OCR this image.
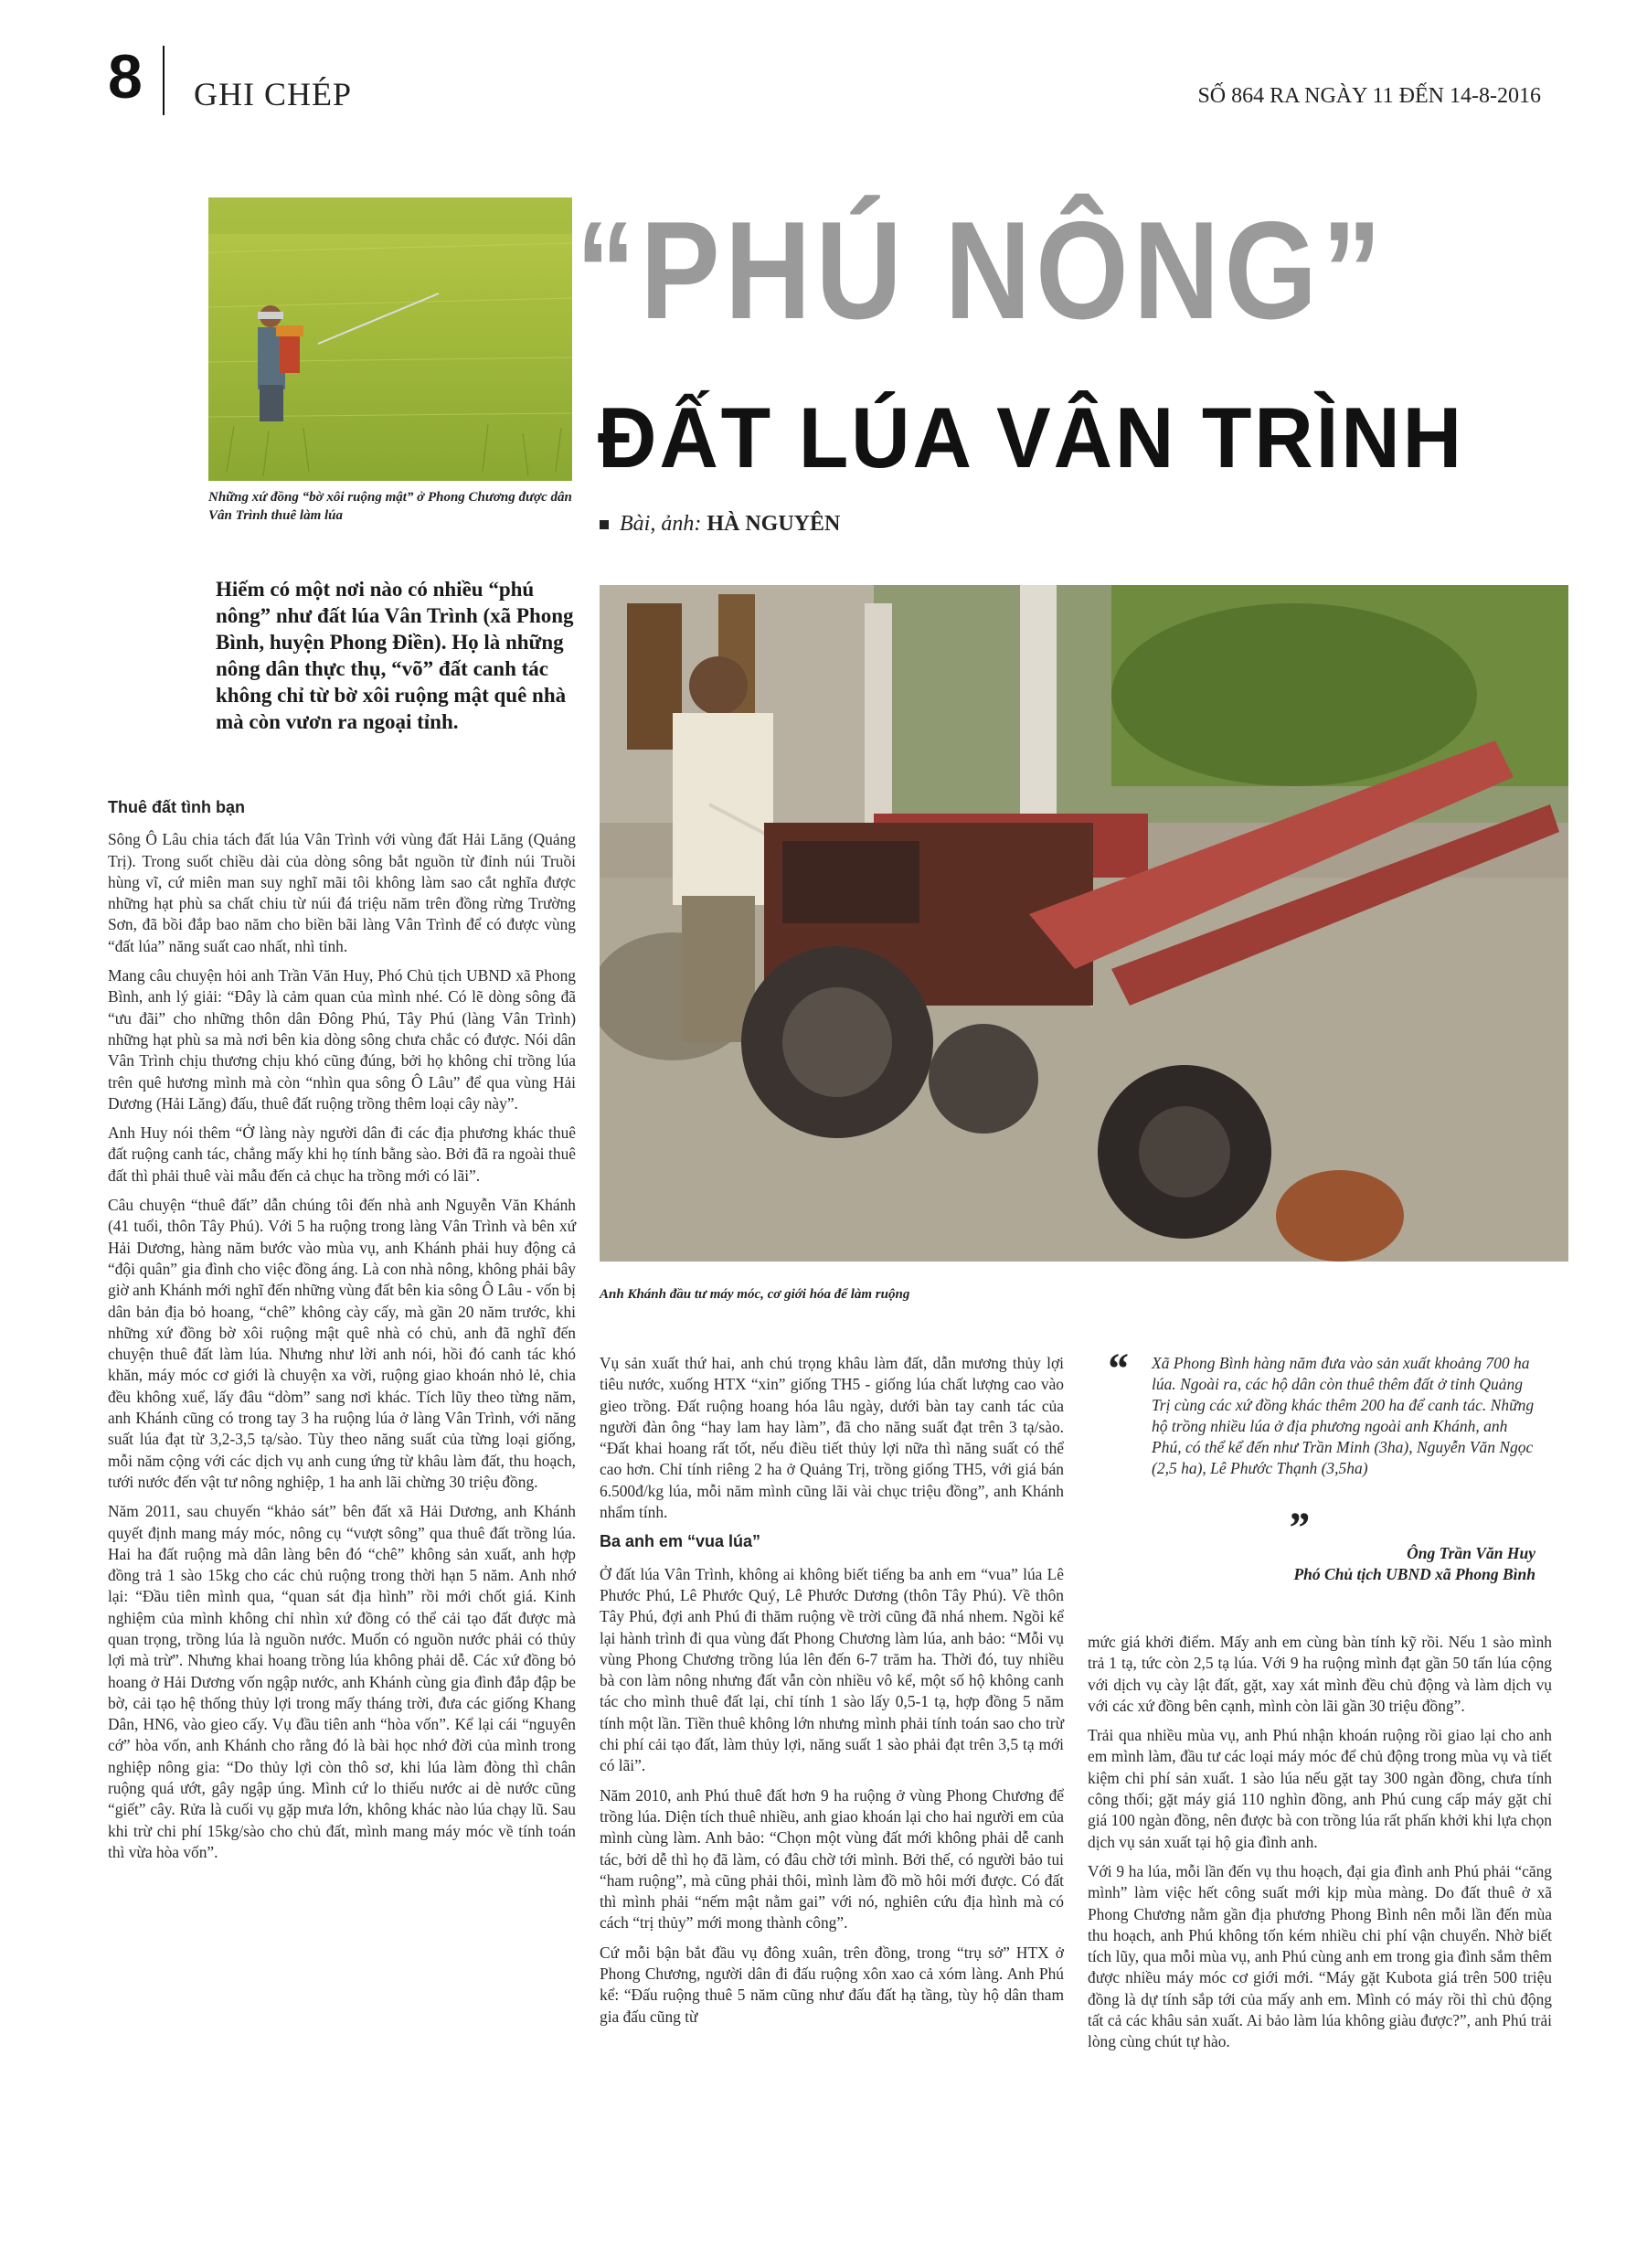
8 GHI CHÉP	SỐ 864 RA NGÀY 11 ĐẾN 14-8-2016
“PHÚ NÔNG”
ĐẤT LÚA VÂN TRÌNH
Bài, ảnh: HÀ NGUYÊN
Những xứ đồng “bờ xôi ruộng mật” ở Phong Chương được dân Vân Trình thuê làm lúa
Hiếm có một nơi nào có nhiều “phú nông” như đất lúa Vân Trình (xã Phong Bình, huyện Phong Điền). Họ là những nông dân thực thụ, “võ” đất canh tác không chỉ từ bờ xôi ruộng mật quê nhà mà còn vươn ra ngoại tỉnh.
Anh Khánh đầu tư máy móc, cơ giới hóa để làm ruộng
Thuê đất tình bạn

Sông Ô Lâu chia tách đất lúa Vân Trình với vùng đất Hải Lăng (Quảng Trị). Trong suốt chiều dài của dòng sông bắt nguồn từ đỉnh núi Truồi hùng vĩ, cứ miên man suy nghĩ mãi tôi không làm sao cắt nghĩa được những hạt phù sa chất chiu từ núi đá triệu năm trên đồng rừng Trường Sơn, đã bồi đắp bao năm cho biền bãi làng Vân Trình để có được vùng “đất lúa” năng suất cao nhất, nhì tỉnh.

Mang câu chuyện hỏi anh Trần Văn Huy, Phó Chủ tịch UBND xã Phong Bình, anh lý giải: “Đây là cảm quan của mình nhé. Có lẽ dòng sông đã “ưu đãi” cho những thôn dân Đông Phú, Tây Phú (làng Vân Trình) những hạt phù sa mà nơi bên kia dòng sông chưa chắc có được. Nói dân Vân Trình chịu thương chịu khó cũng đúng, bởi họ không chỉ trồng lúa trên quê hương mình mà còn “nhìn qua sông Ô Lâu” để qua vùng Hải Dương (Hải Lăng) đấu, thuê đất ruộng trồng thêm loại cây này”.

Anh Huy nói thêm “Ở làng này người dân đi các địa phương khác thuê đất ruộng canh tác, chẳng mấy khi họ tính bằng sào. Bởi đã ra ngoài thuê đất thì phải thuê vài mẫu đến cả chục ha trồng mới có lãi”.

Câu chuyện “thuê đất” dẫn chúng tôi đến nhà anh Nguyễn Văn Khánh (41 tuổi, thôn Tây Phú). Với 5 ha ruộng trong làng Vân Trình và bên xứ Hải Dương, hàng năm bước vào mùa vụ, anh Khánh phải huy động cả “đội quân” gia đình cho việc đồng áng. Là con nhà nông, không phải bây giờ anh Khánh mới nghĩ đến những vùng đất bên kia sông Ô Lâu - vốn bị dân bản địa bỏ hoang, “chê” không cày cấy, mà gần 20 năm trước, khi những xứ đồng bờ xôi ruộng mật quê nhà có chủ, anh đã nghĩ đến chuyện thuê đất làm lúa. Nhưng như lời anh nói, hồi đó canh tác khó khăn, máy móc cơ giới là chuyện xa vời, ruộng giao khoán nhỏ lẻ, chia đều không xuể, lấy đâu “dòm” sang nơi khác. Tích lũy theo từng năm, anh Khánh cũng có trong tay 3 ha ruộng lúa ở làng Vân Trình, với năng suất lúa đạt từ 3,2-3,5 tạ/sào. Tùy theo năng suất của từng loại giống, mỗi năm cộng với các dịch vụ anh cung ứng từ khâu làm đất, thu hoạch, tưới nước đến vật tư nông nghiệp, 1 ha anh lãi chừng 30 triệu đồng.

Năm 2011, sau chuyến “khảo sát” bên đất xã Hải Dương, anh Khánh quyết định mang máy móc, nông cụ “vượt sông” qua thuê đất trồng lúa. Hai ha đất ruộng mà dân làng bên đó “chê” không sản xuất, anh hợp đồng trả 1 sào 15kg cho các chủ ruộng trong thời hạn 5 năm. Anh nhớ lại: “Đầu tiên mình qua, “quan sát địa hình” rồi mới chốt giá. Kinh nghiệm của mình không chỉ nhìn xứ đồng có thể cải tạo đất được mà quan trọng, trồng lúa là nguồn nước. Muốn có nguồn nước phải có thủy lợi mà trừ”. Nhưng khai hoang trồng lúa không phải dễ. Các xứ đồng bỏ hoang ở Hải Dương vốn ngập nước, anh Khánh cùng gia đình đắp đập be bờ, cải tạo hệ thống thủy lợi trong mấy tháng trời, đưa các giống Khang Dân, HN6, vào gieo cấy. Vụ đầu tiên anh “hòa vốn”. Kể lại cái “nguyên cớ” hòa vốn, anh Khánh cho rằng đó là bài học nhớ đời của mình trong nghiệp nông gia: “Do thủy lợi còn thô sơ, khi lúa làm đòng thì chân ruộng quá ướt, gây ngập úng. Mình cứ lo thiếu nước ai dè nước cũng “giết” cây. Rửa là cuối vụ gặp mưa lớn, không khác nào lúa chạy lũ. Sau khi trừ chi phí 15kg/sào cho chủ đất, mình mang máy móc về tính toán thì vừa hòa vốn”.

Vụ sản xuất thứ hai, anh chú trọng khâu làm đất, dẫn mương thủy lợi tiêu nước, xuống HTX “xin” giống TH5 - giống lúa chất lượng cao vào gieo trồng. Đất ruộng hoang hóa lâu ngày, dưới bàn tay canh tác của người đàn ông “hay lam hay làm”, đã cho năng suất đạt trên 3 tạ/sào. “Đất khai hoang rất tốt, nếu điều tiết thủy lợi nữa thì năng suất có thể cao hơn. Chỉ tính riêng 2 ha ở Quảng Trị, trồng giống TH5, với giá bán 6.500đ/kg lúa, mỗi năm mình cũng lãi vài chục triệu đồng”, anh Khánh nhẩm tính.

Ba anh em “vua lúa”

Ở đất lúa Vân Trình, không ai không biết tiếng ba anh em “vua” lúa Lê Phước Phú, Lê Phước Quý, Lê Phước Dương (thôn Tây Phú). Về thôn Tây Phú, đợi anh Phú đi thăm ruộng về trời cũng đã nhá nhem. Ngồi kể lại hành trình đi qua vùng đất Phong Chương làm lúa, anh bảo: “Mỗi vụ vùng Phong Chương trồng lúa lên đến 6-7 trăm ha. Thời đó, tuy nhiều bà con làm nông nhưng đất vẫn còn nhiều vô kể, một số hộ không canh tác cho mình thuê đất lại, chỉ tính 1 sào lấy 0,5-1 tạ, hợp đồng 5 năm tính một lần. Tiền thuê không lớn nhưng mình phải tính toán sao cho trừ chi phí cải tạo đất, làm thủy lợi, năng suất 1 sào phải đạt trên 3,5 tạ mới có lãi”.

Năm 2010, anh Phú thuê đất hơn 9 ha ruộng ở vùng Phong Chương để trồng lúa. Diện tích thuê nhiều, anh giao khoán lại cho hai người em của mình cùng làm. Anh bảo: “Chọn một vùng đất mới không phải dễ canh tác, bởi dễ thì họ đã làm, có đâu chờ tới mình. Bởi thế, có người bảo tui “ham ruộng”, mà cũng phải thôi, mình làm đồ mồ hôi mới được. Có đất thì mình phải “nếm mật nằm gai” với nó, nghiên cứu địa hình mà có cách “trị thủy” mới mong thành công”.

Cứ mỗi bận bắt đầu vụ đông xuân, trên đồng, trong “trụ sở” HTX ở Phong Chương, người dân đi đấu ruộng xôn xao cả xóm làng. Anh Phú kể: “Đấu ruộng thuê 5 năm cũng như đấu đất hạ tầng, tùy hộ dân tham gia đấu cũng từ

“	Xã Phong Bình hàng năm đưa vào sản xuất khoảng 700 ha lúa. Ngoài ra, các hộ dân còn thuê thêm đất ở tỉnh Quảng Trị cùng các xứ đồng khác thêm 200 ha để canh tác. Những hộ trồng nhiều lúa ở địa phương ngoài anh Khánh, anh Phú, có thể kể đến như Trần Minh (3ha), Nguyễn Văn Ngọc (2,5 ha), Lê Phước Thạnh (3,5ha)
”
Ông Trần Văn Huy
Phó Chủ tịch UBND xã Phong Bình

mức giá khởi điểm. Mấy anh em cùng bàn tính kỹ rồi. Nếu 1 sào mình trả 1 tạ, tức còn 2,5 tạ lúa. Với 9 ha ruộng mình đạt gần 50 tấn lúa cộng với dịch vụ cày lật đất, gặt, xay xát mình đều chủ động và làm dịch vụ với các xứ đồng bên cạnh, mình còn lãi gần 30 triệu đồng”.

Trải qua nhiều mùa vụ, anh Phú nhận khoán ruộng rồi giao lại cho anh em mình làm, đầu tư các loại máy móc để chủ động trong mùa vụ và tiết kiệm chi phí sản xuất. 1 sào lúa nếu gặt tay 300 ngàn đồng, chưa tính công thối; gặt máy giá 110 nghìn đồng, anh Phú cung cấp máy gặt chỉ giá 100 ngàn đồng, nên được bà con trồng lúa rất phấn khởi khi lựa chọn dịch vụ sản xuất tại hộ gia đình anh.

Với 9 ha lúa, mỗi lần đến vụ thu hoạch, đại gia đình anh Phú phải “căng mình” làm việc hết công suất mới kịp mùa màng. Do đất thuê ở xã Phong Chương nằm gần địa phương Phong Bình nên mỗi lần đến mùa thu hoạch, anh Phú không tốn kém nhiều chi phí vận chuyển. Nhờ biết tích lũy, qua mỗi mùa vụ, anh Phú cùng anh em trong gia đình sắm thêm được nhiều máy móc cơ giới mới. “Máy gặt Kubota giá trên 500 triệu đồng là dự tính sắp tới của mấy anh em. Mình có máy rồi thì chủ động tất cả các khâu sản xuất. Ai bảo làm lúa không giàu được?”, anh Phú trải lòng cùng chút tự hào.
